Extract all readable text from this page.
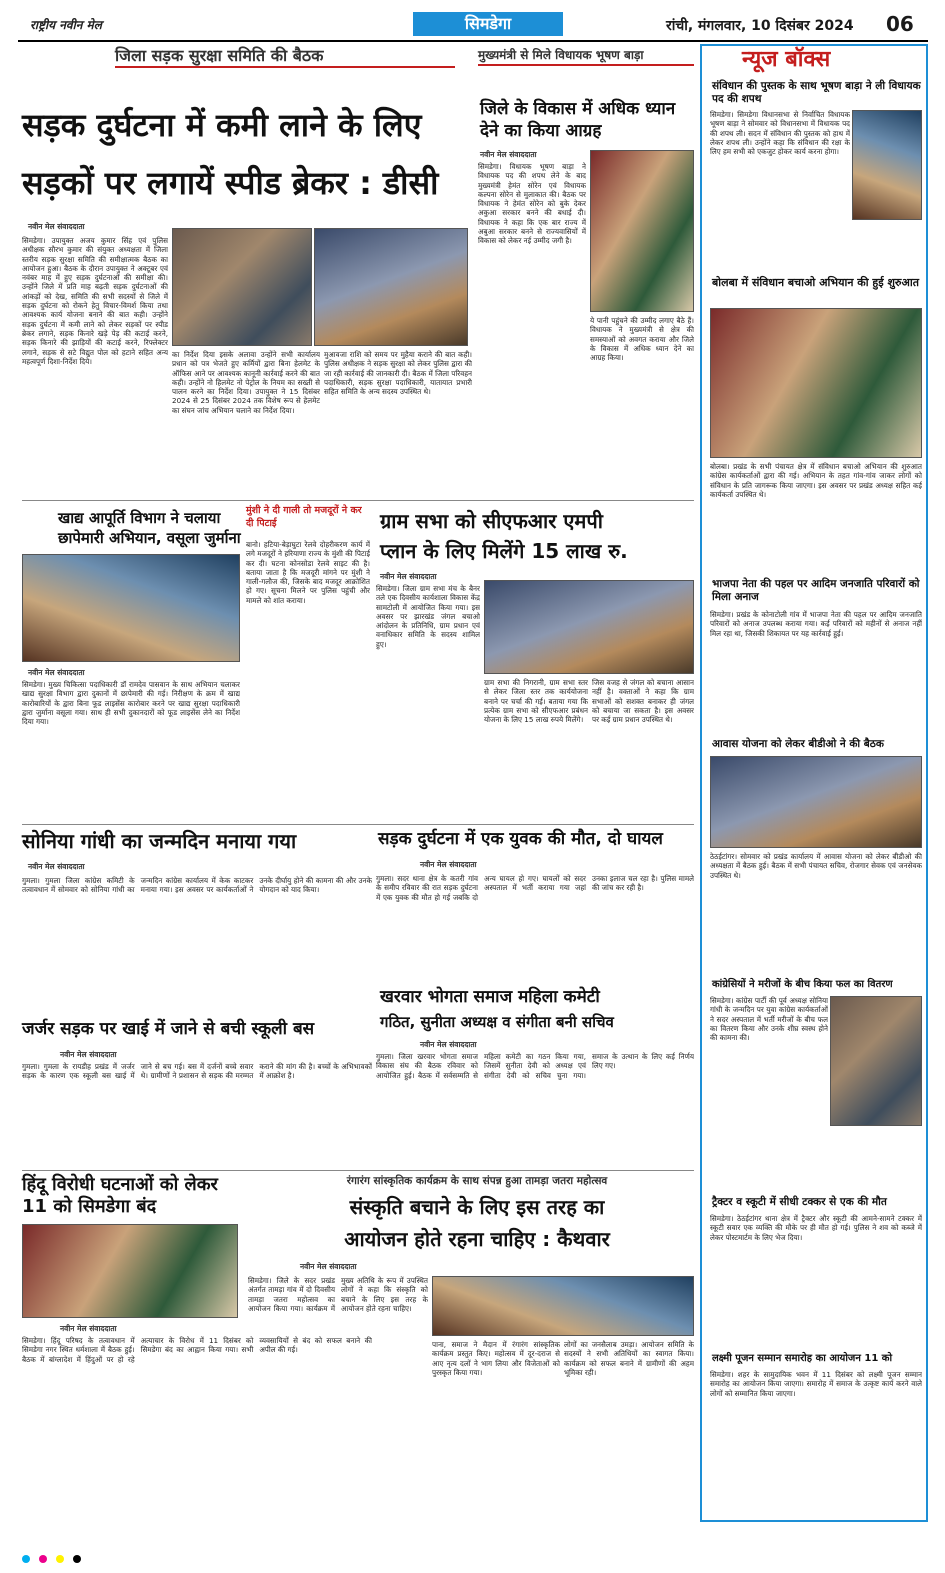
राष्ट्रीय नवीन मेल	सिमडेगा	रांची, मंगलवार, 10 दिसंबर 2024 06
जिला सड़क सुरक्षा समिति की बैठक
सड़क दुर्घटना में कमी लाने के लिए
सड़कों पर लगायें स्पीड ब्रेकर : डीसी
नवीन मेल संवाददाता
सिमडेगा। उपायुक्त अजय कुमार सिंह एवं पुलिस अधीक्षक सौरभ कुमार की संयुक्त अध्यक्षता में जिला स्तरीय सड़क सुरक्षा समिति की समीक्षात्मक बैठक का आयोजन हुआ। बैठक के दौरान उपायुक्त ने अक्टूबर एवं नवंबर माह में हुए सड़क दुर्घटनाओं की समीक्षा की। उन्होंने जिले में प्रति माह बढ़ती सड़क दुर्घटनाओं की आंकड़ों को देख, समिति की सभी सदस्यों से जिले में सड़क दुर्घटना को रोकने हेतु विचार-विमर्श किया तथा आवश्यक कार्य योजना बनाने की बात कही। उन्होंने सड़क दुर्घटना में कमी लाने को लेकर सड़कों पर स्पीड ब्रेकर लगाने, सड़क किनारे खड़े पेड़ की कटाई करने, सड़क किनारे की झाड़ियों की कटाई करने, रिफ्लेक्टर लगाने, सड़क से सटे विद्युत पोल को हटाने सहित अन्य महत्वपूर्ण दिशा-निर्देश दिये।
का निर्देश दिया इसके अलावा उन्होंने सभी कार्यालय प्रधान को पत्र भेजते हुए कर्मियों द्वारा बिना हेलमेट के ऑफिस आने पर आवश्यक कानूनी कार्रवाई करने की बात कही। उन्होंने नो हिलमेट नो पेट्रोल के नियम का सख्ती से पालन करने का निर्देश दिया। उपायुक्त ने 15 दिसंबर 2024 से 25 दिसंबर 2024 तक विशेष रूप से हेलमेट का संघन जांच अभियान चलाने का निर्देश दिया।
मुआवजा राशि को समय पर मुहैया कराने की बात कही। पुलिस अधीक्षक ने सड़क सुरक्षा को लेकर पुलिस द्वारा की जा रही कार्रवाई की जानकारी दी। बैठक में जिला परिवहन पदाधिकारी, सड़क सुरक्षा पदाधिकारी, यातायात प्रभारी सहित समिति के अन्य सदस्य उपस्थित थे।
मुख्यमंत्री से मिले विधायक भूषण बाड़ा
जिले के विकास में अधिक ध्यान देने का किया आग्रह
नवीन मेल संवाददाता
सिमडेगा। विधायक भूषण बाड़ा ने विधायक पद की शपथ लेने के बाद मुख्यमंत्री हेमंत सोरेन एवं विधायक कल्पना सोरेन से मुलाकात की। बैठक पर विधायक ने हेमंत सोरेन को बुके देकर अकुआ सरकार बनने की बधाई दी। विधायक ने कहा कि एक बार राज्य में अबुआ सरकार बनने से राज्यवासियों में विकास को लेकर नई उम्मीद जगी है।
ये पानी पहुंचने की उम्मीद लगाए बैठे हैं। विधायक ने मुख्यमंत्री से क्षेत्र की समस्याओं को अवगत कराया और जिले के विकास में अधिक ध्यान देने का आग्रह किया।
न्यूज बॉक्स
संविधान की पुस्तक के साथ भूषण बाड़ा ने ली विधायक पद की शपथ
सिमडेगा। सिमडेगा विधानसभा से निर्वाचित विधायक भूषण बाड़ा ने सोमवार को विधानसभा में विधायक पद की शपथ ली। सदन में संविधान की पुस्तक को हाथ में लेकर शपथ ली। उन्होंने कहा कि संविधान की रक्षा के लिए हम सभी को एकजुट होकर कार्य करना होगा।
बोलबा में संविधान बचाओ अभियान की हुई शुरुआत
बोलबा। प्रखंड के सभी पंचायत क्षेत्र में संविधान बचाओ अभियान की शुरुआत कांग्रेस कार्यकर्ताओं द्वारा की गई। अभियान के तहत गांव-गांव जाकर लोगों को संविधान के प्रति जागरूक किया जाएगा। इस अवसर पर प्रखंड अध्यक्ष सहित कई कार्यकर्ता उपस्थित थे।
भाजपा नेता की पहल पर आदिम जनजाति परिवारों को मिला अनाज
सिमडेगा। प्रखंड के कोनाटोली गांव में भाजपा नेता की पहल पर आदिम जनजाति परिवारों को अनाज उपलब्ध कराया गया। कई परिवारों को महीनों से अनाज नहीं मिल रहा था, जिसकी शिकायत पर यह कार्रवाई हुई।
आवास योजना को लेकर बीडीओ ने की बैठक
ठेठईटांगर। सोमवार को प्रखंड कार्यालय में आवास योजना को लेकर बीडीओ की अध्यक्षता में बैठक हुई। बैठक में सभी पंचायत सचिव, रोजगार सेवक एवं जनसेवक उपस्थित थे।
कांग्रेसियों ने मरीजों के बीच किया फल का वितरण
सिमडेगा। कांग्रेस पार्टी की पूर्व अध्यक्ष सोनिया गांधी के जन्मदिन पर युवा कांग्रेस कार्यकर्ताओं ने सदर अस्पताल में भर्ती मरीजों के बीच फल का वितरण किया और उनके शीघ्र स्वस्थ होने की कामना की।
ट्रैक्टर व स्कूटी में सीधी टक्कर से एक की मौत
सिमडेगा। ठेठईटांगर थाना क्षेत्र में ट्रैक्टर और स्कूटी की आमने-सामने टक्कर में स्कूटी सवार एक व्यक्ति की मौके पर ही मौत हो गई। पुलिस ने शव को कब्जे में लेकर पोस्टमार्टम के लिए भेज दिया।
लक्ष्मी पूजन सम्मान समारोह का आयोजन 11 को
सिमडेगा। शहर के सामुदायिक भवन में 11 दिसंबर को लक्ष्मी पूजन सम्मान समारोह का आयोजन किया जाएगा। समारोह में समाज के उत्कृष्ट कार्य करने वाले लोगों को सम्मानित किया जाएगा।
खाद्य आपूर्ति विभाग ने चलाया छापेमारी अभियान, वसूला जुर्माना
नवीन मेल संवाददाता
सिमडेगा। मुख्य चिकित्सा पदाधिकारी डॉ रामदेव पासवान के साथ अभियान चलाकर खाद्य सुरक्षा विभाग द्वारा दुकानों में छापेमारी की गई। निरीक्षण के क्रम में खाद्य कारोबारियों के द्वारा बिना फूड लाइसेंस कारोबार करने पर खाद्य सुरक्षा पदाधिकारी द्वारा जुर्माना वसूला गया। साथ ही सभी दुकानदारों को फूड लाइसेंस लेने का निर्देश दिया गया।
मुंशी ने दी गाली तो मजदूरों ने कर दी पिटाई
बानो। हटिया-बेड़ाघुटा रेलवे दोहरीकरण कार्य में लगे मजदूरों ने हरियाणा राज्य के मुंशी की पिटाई कर दी। घटना कोनसोडा रेलवे साइट की है। बताया जाता है कि मजदूरी मांगने पर मुंशी ने गाली-गलौज की, जिसके बाद मजदूर आक्रोशित हो गए। सूचना मिलने पर पुलिस पहुंची और मामले को शांत कराया।
ग्राम सभा को सीएफआर एमपी
प्लान के लिए मिलेंगे 15 लाख रु.
नवीन मेल संवाददाता
सिमडेगा। जिला ग्राम सभा मंच के बैनर तले एक दिवसीय कार्यशाला विकास केंद्र सामटोली में आयोजित किया गया। इस अवसर पर झारखंड जंगल बचाओ आंदोलन के प्रतिनिधि, ग्राम प्रधान एवं वनाधिकार समिति के सदस्य शामिल हुए।
ग्राम सभा की निगरानी, ग्राम सभा स्तर से लेकर जिला स्तर तक कार्ययोजना बनाने पर चर्चा की गई। बताया गया कि प्रत्येक ग्राम सभा को सीएफआर प्रबंधन योजना के लिए 15 लाख रुपये मिलेंगे।
जिस वजह से जंगल को बचाना आसान नहीं है। वक्ताओं ने कहा कि ग्राम सभाओं को सशक्त बनाकर ही जंगल को बचाया जा सकता है। इस अवसर पर कई ग्राम प्रधान उपस्थित थे।
सोनिया गांधी का जन्मदिन मनाया गया
नवीन मेल संवाददाता
गुमला। गुमला जिला कांग्रेस कमिटी के तत्वावधान में सोमवार को सोनिया गांधी का जन्मदिन कांग्रेस कार्यालय में केक काटकर मनाया गया। इस अवसर पर कार्यकर्ताओं ने उनके दीर्घायु होने की कामना की और उनके योगदान को याद किया।
सड़क दुर्घटना में एक युवक की मौत, दो घायल
नवीन मेल संवाददाता
गुमला। सदर थाना क्षेत्र के कतरी गांव के समीप रविवार की रात सड़क दुर्घटना में एक युवक की मौत हो गई जबकि दो अन्य घायल हो गए। घायलों को सदर अस्पताल में भर्ती कराया गया जहां उनका इलाज चल रहा है। पुलिस मामले की जांच कर रही है।
खरवार भोगता समाज महिला कमेटी
गठित, सुनीता अध्यक्ष व संगीता बनी सचिव
नवीन मेल संवाददाता
गुमला। जिला खरवार भोगता समाज विकास संघ की बैठक रविवार को आयोजित हुई। बैठक में सर्वसम्मति से महिला कमेटी का गठन किया गया, जिसमें सुनीता देवी को अध्यक्ष एवं संगीता देवी को सचिव चुना गया। समाज के उत्थान के लिए कई निर्णय लिए गए।
जर्जर सड़क पर खाई में जाने से बची स्कूली बस
नवीन मेल संवाददाता
गुमला। गुमला के रायडीह प्रखंड में जर्जर सड़क के कारण एक स्कूली बस खाई में जाने से बच गई। बस में दर्जनों बच्चे सवार थे। ग्रामीणों ने प्रशासन से सड़क की मरम्मत कराने की मांग की है। बच्चों के अभिभावकों में आक्रोश है।
हिंदू विरोधी घटनाओं को लेकर 11 को सिमडेगा बंद
नवीन मेल संवाददाता
सिमडेगा। हिंदू परिषद के तत्वावधान में सिमडेगा नगर स्थित धर्मशाला में बैठक हुई। बैठक में बांग्लादेश में हिंदुओं पर हो रहे अत्याचार के विरोध में 11 दिसंबर को सिमडेगा बंद का आह्वान किया गया। सभी व्यवसायियों से बंद को सफल बनाने की अपील की गई।
रंगारंग सांस्कृतिक कार्यक्रम के साथ संपन्न हुआ तामड़ा जतरा महोत्सव
संस्कृति बचाने के लिए इस तरह का
आयोजन होते रहना चाहिए : कैथवार
नवीन मेल संवाददाता
सिमडेगा। जिले के सदर प्रखंड अंतर्गत तामड़ा गांव में दो दिवसीय तामड़ा जतरा महोत्सव का आयोजन किया गया। कार्यक्रम में मुख्य अतिथि के रूप में उपस्थित लोगों ने कहा कि संस्कृति को बचाने के लिए इस तरह के आयोजन होते रहना चाहिए।
पाना, समाज ने मैदान में रंगारंग सांस्कृतिक कार्यक्रम प्रस्तुत किए। महोत्सव में दूर-दराज से आए नृत्य दलों ने भाग लिया और विजेताओं को पुरस्कृत किया गया।
लोगों का जनसैलाब उमड़ा। आयोजन समिति के सदस्यों ने सभी अतिथियों का स्वागत किया। कार्यक्रम को सफल बनाने में ग्रामीणों की अहम भूमिका रही।
